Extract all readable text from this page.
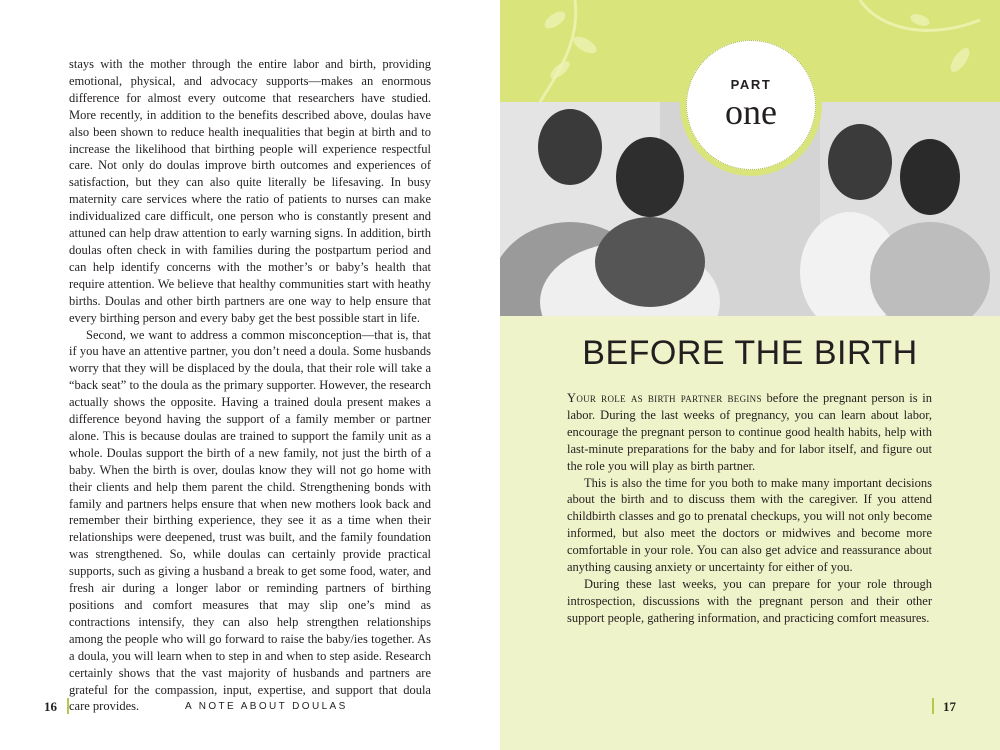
stays with the mother through the entire labor and birth, providing emotional, physical, and advocacy supports—makes an enormous difference for almost every outcome that researchers have studied. More recently, in addition to the benefits described above, doulas have also been shown to reduce health inequalities that begin at birth and to increase the likelihood that birthing people will experience respectful care. Not only do doulas improve birth outcomes and experiences of satisfaction, but they can also quite literally be lifesaving. In busy maternity care services where the ratio of patients to nurses can make individualized care difficult, one person who is constantly present and attuned can help draw attention to early warning signs. In addition, birth doulas often check in with families during the postpartum period and can help identify concerns with the mother’s or baby’s health that require attention. We believe that healthy communities start with heathy births. Doulas and other birth partners are one way to help ensure that every birthing person and every baby get the best possible start in life.

Second, we want to address a common misconception—that is, that if you have an attentive partner, you don’t need a doula. Some husbands worry that they will be displaced by the doula, that their role will take a “back seat” to the doula as the primary supporter. However, the research actually shows the opposite. Having a trained doula present makes a difference beyond having the support of a family member or partner alone. This is because doulas are trained to support the family unit as a whole. Doulas support the birth of a new family, not just the birth of a baby. When the birth is over, doulas know they will not go home with their clients and help them parent the child. Strengthening bonds with family and partners helps ensure that when new mothers look back and remember their birthing experience, they see it as a time when their relationships were deepened, trust was built, and the family foundation was strengthened. So, while doulas can certainly provide practical supports, such as giving a husband a break to get some food, water, and fresh air during a longer labor or reminding partners of birthing positions and comfort measures that may slip one’s mind as contractions intensify, they can also help strengthen relationships among the people who will go forward to raise the baby/ies together. As a doula, you will learn when to step in and when to step aside. Research certainly shows that the vast majority of husbands and partners are grateful for the compassion, input, expertise, and support that doula care provides.

16	A NOTE ABOUT DOULAS
PART
one
BEFORE THE BIRTH

Your role as birth partner begins before the pregnant person is in labor. During the last weeks of pregnancy, you can learn about labor, encourage the pregnant person to continue good health habits, help with last-minute preparations for the baby and for labor itself, and figure out the role you will play as birth partner.

This is also the time for you both to make many important decisions about the birth and to discuss them with the caregiver. If you attend childbirth classes and go to prenatal checkups, you will not only become informed, but also meet the doctors or midwives and become more comfortable in your role. You can also get advice and reassurance about anything causing anxiety or uncertainty for either of you.

During these last weeks, you can prepare for your role through introspection, discussions with the pregnant person and their other support people, gathering information, and practicing comfort measures.

17
